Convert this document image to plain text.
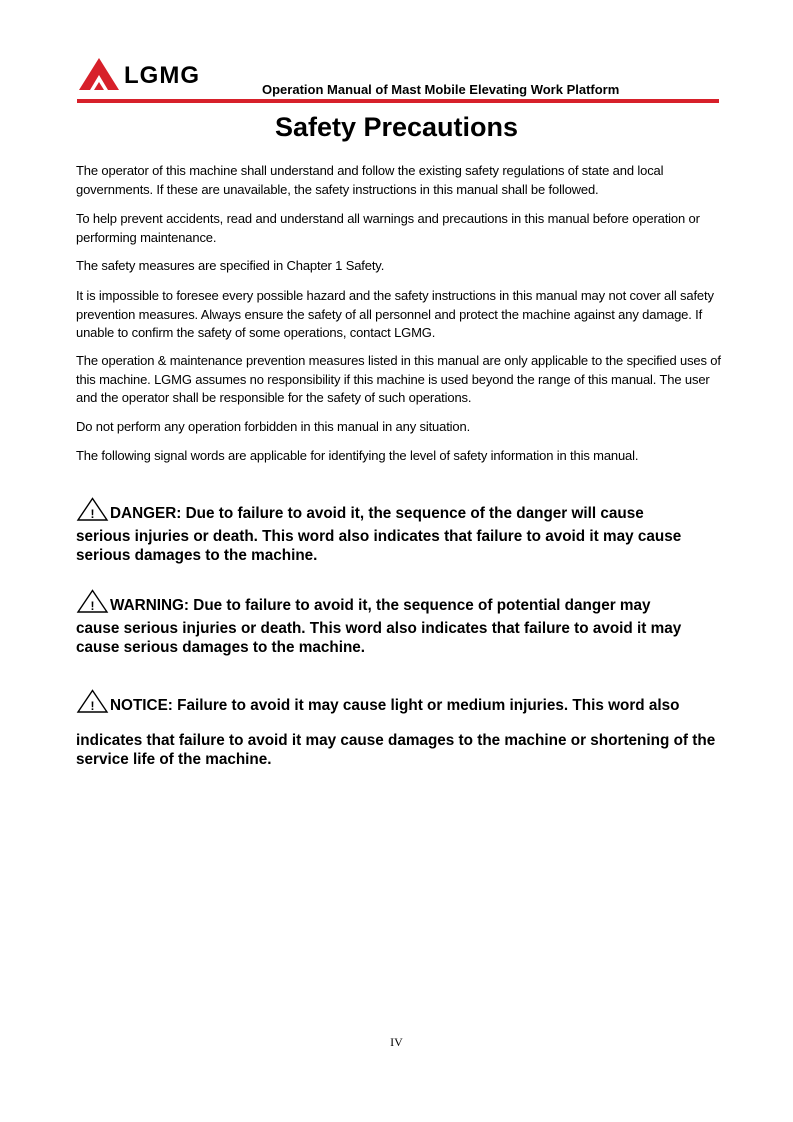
LGMG
Operation Manual of Mast Mobile Elevating Work Platform
Safety Precautions

The operator of this machine shall understand and follow the existing safety regulations of state and local governments. If these are unavailable, the safety instructions in this manual shall be followed.

To help prevent accidents, read and understand all warnings and precautions in this manual before operation or performing maintenance.

The safety measures are specified in Chapter 1 Safety.

It is impossible to foresee every possible hazard and the safety instructions in this manual may not cover all safety prevention measures. Always ensure the safety of all personnel and protect the machine against any damage. If unable to confirm the safety of some operations, contact LGMG.

The operation & maintenance prevention measures listed in this manual are only applicable to the specified uses of this machine. LGMG assumes no responsibility if this machine is used beyond the range of this manual. The user and the operator shall be responsible for the safety of such operations.

Do not perform any operation forbidden in this manual in any situation.

The following signal words are applicable for identifying the level of safety information in this manual.

! DANGER: Due to failure to avoid it, the sequence of the danger will cause

serious injuries or death. This word also indicates that failure to avoid it may cause serious damages to the machine.

! WARNING: Due to failure to avoid it, the sequence of potential danger may

cause serious injuries or death. This word also indicates that failure to avoid it may cause serious damages to the machine.

! NOTICE: Failure to avoid it may cause light or medium injuries. This word also

indicates that failure to avoid it may cause damages to the machine or shortening of the service life of the machine.

IV
